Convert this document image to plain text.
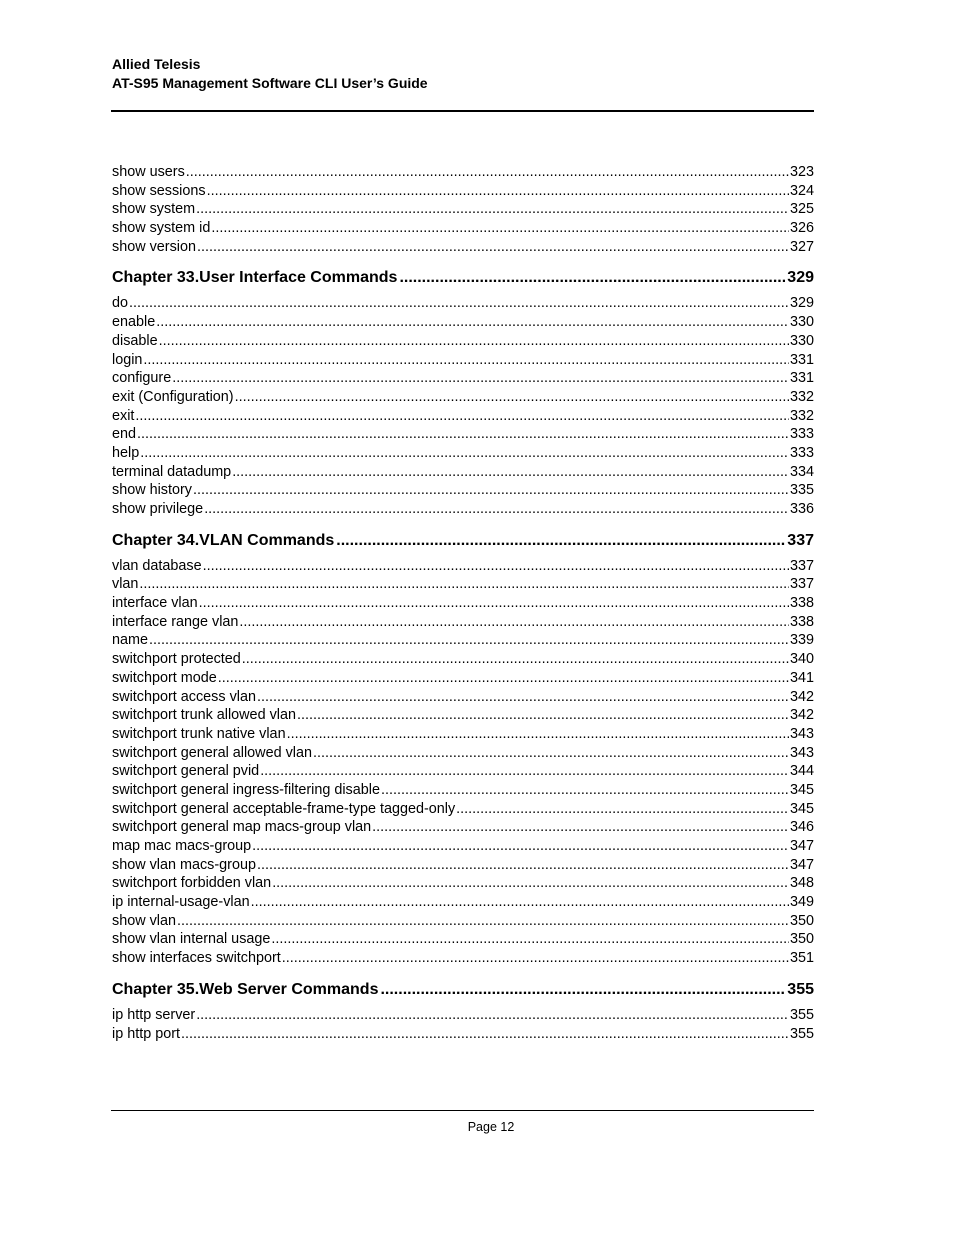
Allied Telesis
AT-S95 Management Software CLI User’s Guide
show users .....	323
show sessions .....	324
show system .....	325
show system id .....	326
show version .....	327
Chapter 33.User Interface Commands .....	329
do .....	329
enable .....	330
disable .....	330
login .....	331
configure .....	331
exit (Configuration) .....	332
exit .....	332
end .....	333
help .....	333
terminal datadump .....	334
show history .....	335
show privilege .....	336
Chapter 34.VLAN Commands .....	337
vlan database .....	337
vlan .....	337
interface vlan .....	338
interface range vlan .....	338
name .....	339
switchport protected .....	340
switchport mode .....	341
switchport access vlan .....	342
switchport trunk allowed vlan .....	342
switchport trunk native vlan .....	343
switchport general allowed vlan .....	343
switchport general pvid .....	344
switchport general ingress-filtering disable .....	345
switchport general acceptable-frame-type tagged-only .....	345
switchport general map macs-group vlan .....	346
map mac macs-group .....	347
show vlan macs-group .....	347
switchport forbidden vlan .....	348
ip internal-usage-vlan .....	349
show vlan .....	350
show vlan internal usage .....	350
show interfaces switchport .....	351
Chapter 35.Web Server Commands .....	355
ip http server .....	355
ip http port .....	355
Page 12
